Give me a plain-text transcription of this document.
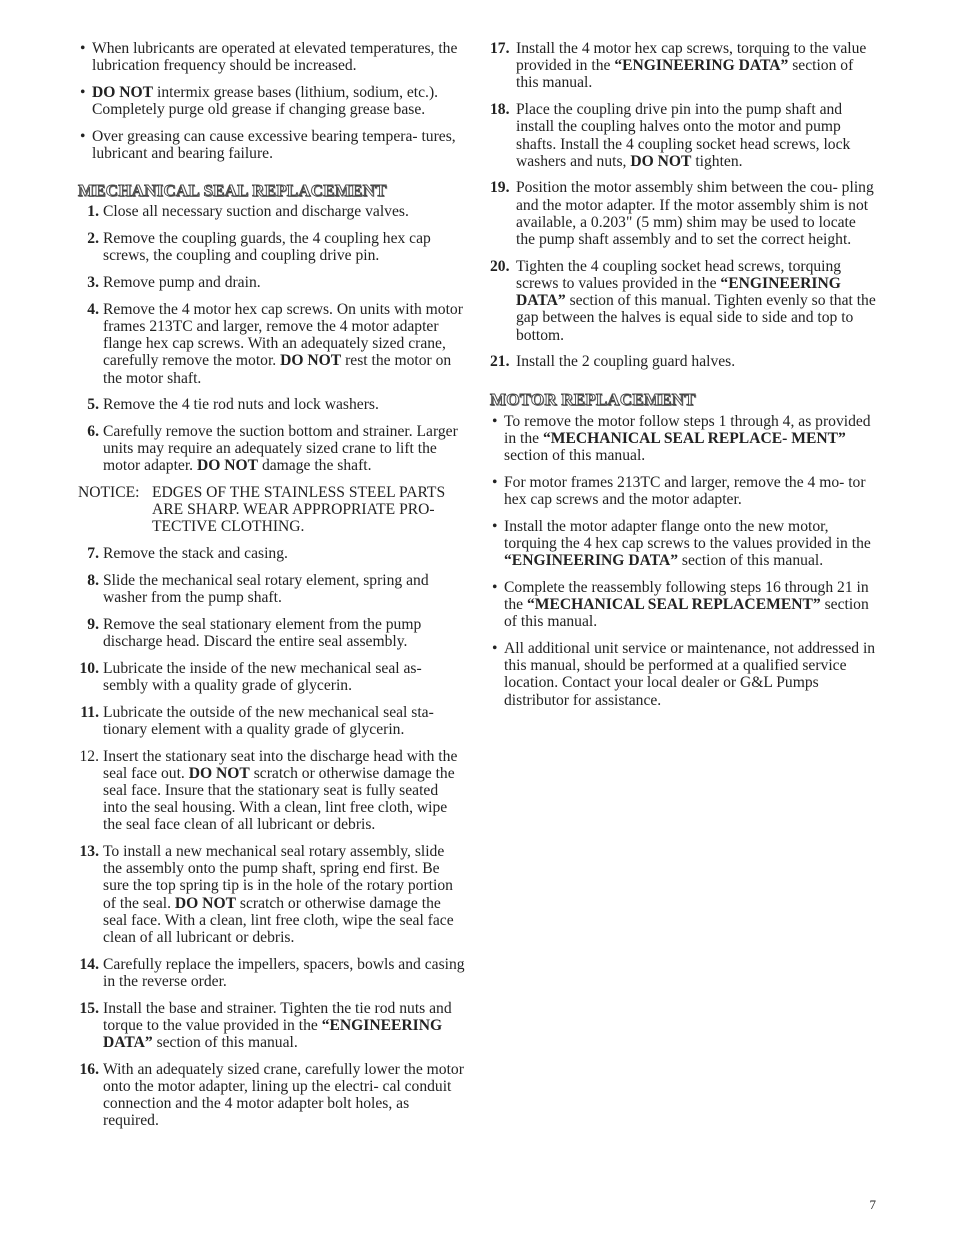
• When lubricants are operated at elevated temperatures, the lubrication frequency should be increased.
• DO NOT intermix grease bases (lithium, sodium, etc.). Completely purge old grease if changing grease base.
• Over greasing can cause excessive bearing tempera- tures, lubricant and bearing failure.
MECHANICAL SEAL REPLACEMENT
1. Close all necessary suction and discharge valves.
2. Remove the coupling guards, the 4 coupling hex cap screws, the coupling and coupling drive pin.
3. Remove pump and drain.
4. Remove the 4 motor hex cap screws. On units with motor frames 213TC and larger, remove the 4 motor adapter flange hex cap screws. With an adequately sized crane, carefully remove the motor. DO NOT rest the motor on the motor shaft.
5. Remove the 4 tie rod nuts and lock washers.
6. Carefully remove the suction bottom and strainer. Larger units may require an adequately sized crane to lift the motor adapter. DO NOT damage the shaft.
NOTICE: EDGES OF THE STAINLESS STEEL PARTS ARE SHARP. WEAR APPROPRIATE PRO- TECTIVE CLOTHING.
7. Remove the stack and casing.
8. Slide the mechanical seal rotary element, spring and washer from the pump shaft.
9. Remove the seal stationary element from the pump discharge head. Discard the entire seal assembly.
10. Lubricate the inside of the new mechanical seal as- sembly with a quality grade of glycerin.
11. Lubricate the outside of the new mechanical seal sta- tionary element with a quality grade of glycerin.
12. Insert the stationary seat into the discharge head with the seal face out. DO NOT scratch or otherwise damage the seal face. Insure that the stationary seat is fully seated into the seal housing. With a clean, lint free cloth, wipe the seal face clean of all lubricant or debris.
13. To install a new mechanical seal rotary assembly, slide the assembly onto the pump shaft, spring end first. Be sure the top spring tip is in the hole of the rotary portion of the seal. DO NOT scratch or otherwise damage the seal face. With a clean, lint free cloth, wipe the seal face clean of all lubricant or debris.
14. Carefully replace the impellers, spacers, bowls and casing in the reverse order.
15. Install the base and strainer. Tighten the tie rod nuts and torque to the value provided in the “ENGINEERING DATA” section of this manual.
16. With an adequately sized crane, carefully lower the motor onto the motor adapter, lining up the electri- cal conduit connection and the 4 motor adapter bolt holes, as required.
17. Install the 4 motor hex cap screws, torquing to the value provided in the “ENGINEERING DATA” section of this manual.
18. Place the coupling drive pin into the pump shaft and install the coupling halves onto the motor and pump shafts. Install the 4 coupling socket head screws, lock washers and nuts, DO NOT tighten.
19. Position the motor assembly shim between the cou- pling and the motor adapter. If the motor assembly shim is not available, a 0.203" (5 mm) shim may be used to locate the pump shaft assembly and to set the correct height.
20. Tighten the 4 coupling socket head screws, torquing screws to values provided in the “ENGINEERING DATA” section of this manual. Tighten evenly so that the gap between the halves is equal side to side and top to bottom.
21. Install the 2 coupling guard halves.
MOTOR REPLACEMENT
• To remove the motor follow steps 1 through 4, as provided in the “MECHANICAL SEAL REPLACE- MENT” section of this manual.
• For motor frames 213TC and larger, remove the 4 mo- tor hex cap screws and the motor adapter.
• Install the motor adapter flange onto the new motor, torquing the 4 hex cap screws to the values provided in the “ENGINEERING DATA” section of this manual.
• Complete the reassembly following steps 16 through 21 in the “MECHANICAL SEAL REPLACEMENT” section of this manual.
• All additional unit service or maintenance, not addressed in this manual, should be performed at a qualified service location. Contact your local dealer or G&L Pumps distributor for assistance.
7
